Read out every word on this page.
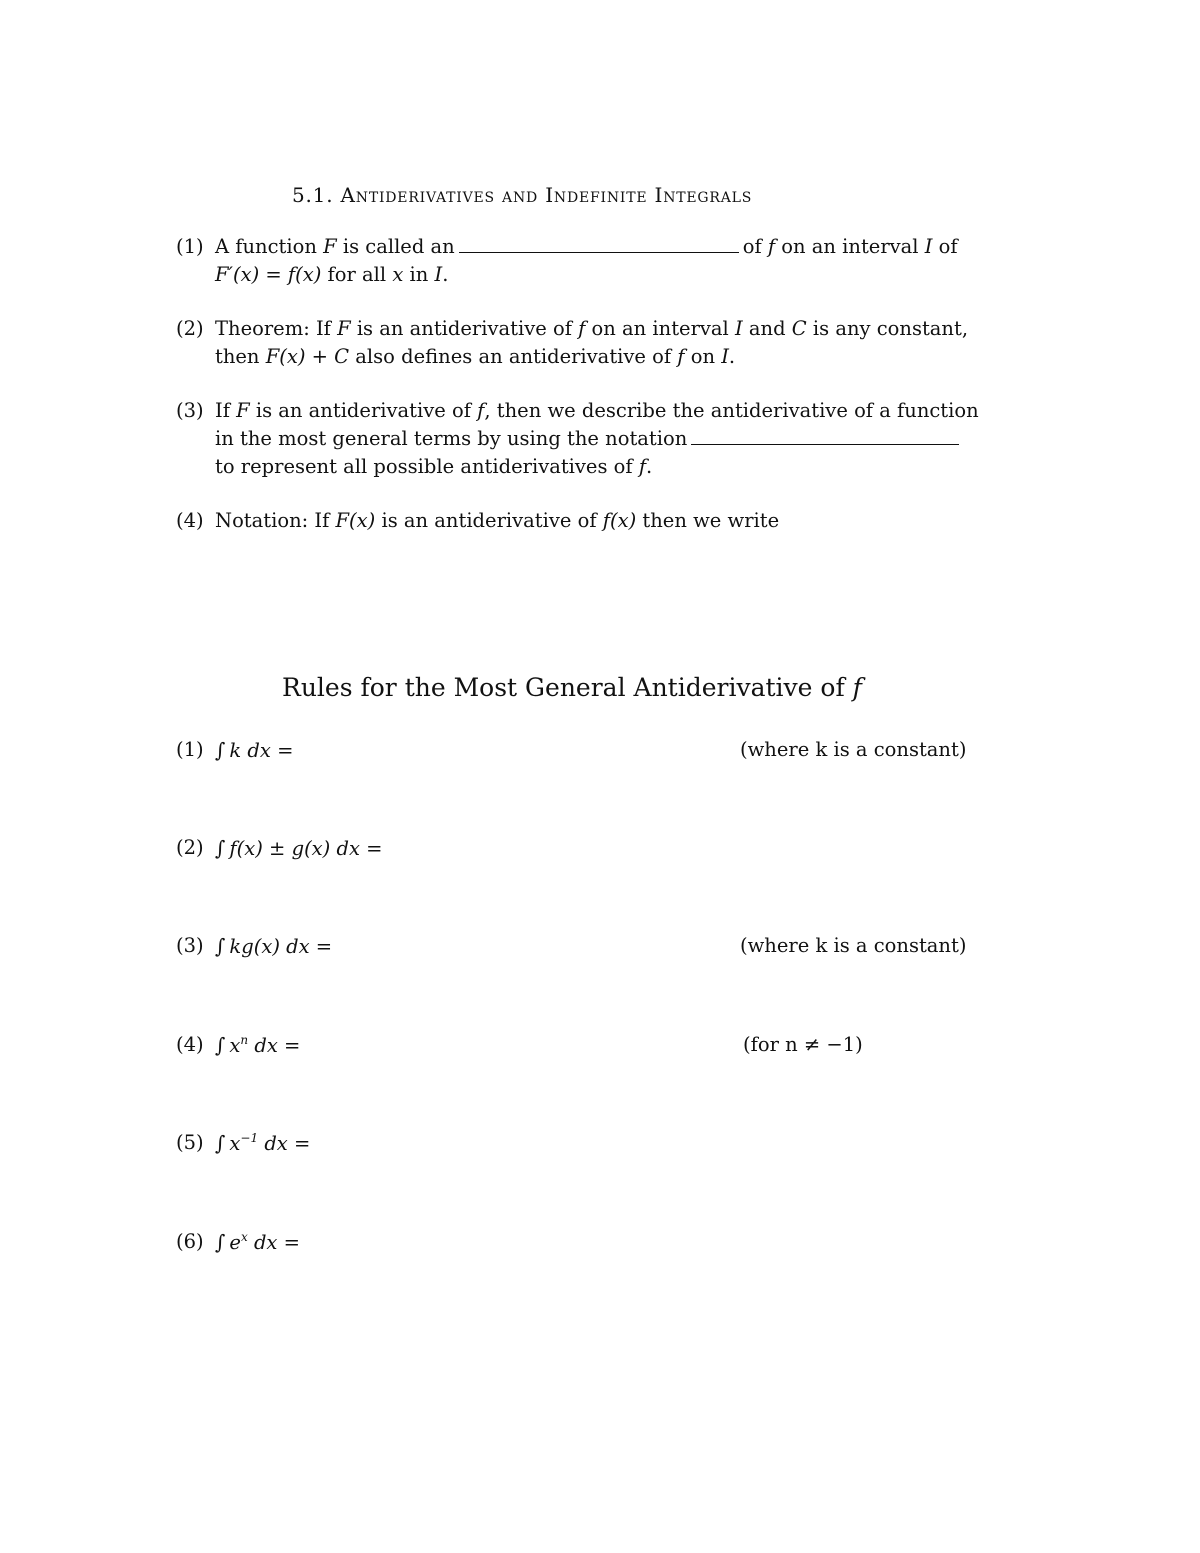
5.1. Antiderivatives and Indefinite Integrals
(1) A function F is called an	of f on an interval I of
F′(x) = f(x) for all x in I.
(2) Theorem: If F is an antiderivative of f on an interval I and C is any constant,
then F(x) + C also defines an antiderivative of f on I.
(3) If F is an antiderivative of f, then we describe the antiderivative of a function
in the most general terms by using the notation
to represent all possible antiderivatives of f.
(4) Notation: If F(x) is an antiderivative of f(x) then we write
Rules for the Most General Antiderivative of f
(1) ∫ k dx =	(where k is a constant)
(2) ∫ f(x) ± g(x) dx =
(3) ∫ kg(x) dx =	(where k is a constant)
(4) ∫ $x^n$ dx =	(for n ≠ −1)
(5) ∫ $x^{-1}$ dx =
(6) ∫ $e^x$ dx =
